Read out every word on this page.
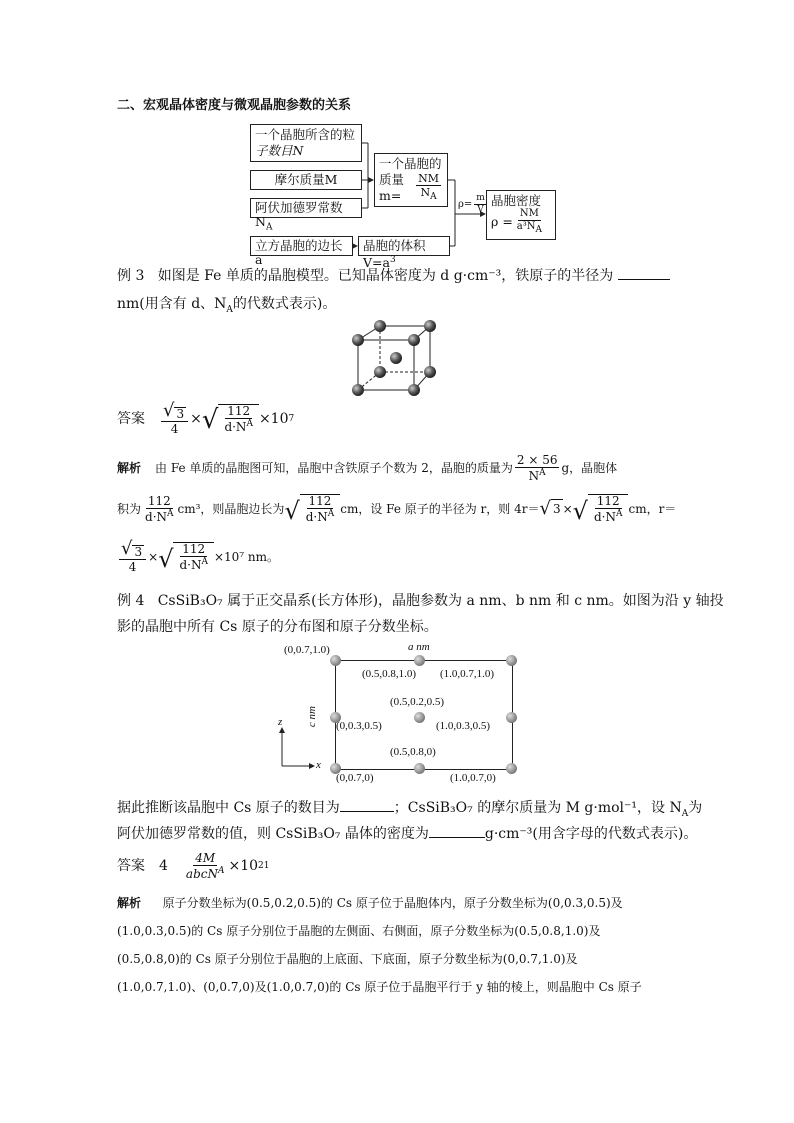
二、宏观晶体密度与微观晶胞参数的关系
一个晶胞所含的粒
子数目N
摩尔质量M
阿伏加德罗常数$N_A$
立方晶胞的边长a
一个晶胞的
质量m=	$\frac{NM}{N_A}$
晶胞的体积$V=a^3$
$\rho= \frac{m}{V}$ 晶胞密度
$\rho = \frac{NM}{a^3N_A}$
例 3 如图是 Fe 单质的晶胞模型。已知晶体密度为 d g·cm⁻³，铁原子的半径为
nm(用含有 d、$N_A$的代数式表示)。
答案 $\frac{√ 3}{4}$ × √ $\frac{112}{d\cdot N^A} \times 10$ 7
解析 由 Fe 单质的晶胞图可知，晶胞中含铁原子个数为 2，晶胞的质量为 $\frac{2 \times 56}{N^A}$ g，晶胞体
积为 $\frac{112}{d\cdot N^A} cm^3$，则晶胞边长为 √ $\frac{112}{d\cdot N^A}$ cm，设 Fe 原子的半径为 r，则 4r＝ √ 3 × √ $\frac{112}{d\cdot N^A}$ cm，r＝
$\frac{√ 3}{4}$ × √ $\frac{112}{d\cdot N^A} \times 10^7$ nm。
例 4 CsSiB₃O₇ 属于正交晶系(长方体形)，晶胞参数为 a nm、b nm 和 c nm。如图为沿 y 轴投
影的晶胞中所有 Cs 原子的分布图和原子分数坐标。
z
x
a nm
c nm
(0,0.7,1.0)
(0.5,0.8,1.0) (1.0,0.7,1.0)
(0.5,0.2,0.5)
(0,0.3,0.5)	(1.0,0.3,0.5)
(0.5,0.8,0)
(0,0.7,0)	(1.0,0.7,0)
据此推断该晶胞中 Cs 原子的数目为	；CsSiB₃O₇ 的摩尔质量为 M g·mol⁻¹，设 $N_A$为
阿伏加德罗常数的值，则 CsSiB₃O₇ 晶体的密度为	g·cm⁻³(用含字母的代数式表示)。
答案 $4 \frac{4M}{abcN^A} \times 10$ 21
解析 原子分数坐标为(0.5,0.2,0.5)的 Cs 原子位于晶胞体内，原子分数坐标为(0,0.3,0.5)及
(1.0,0.3,0.5)的 Cs 原子分别位于晶胞的左侧面、右侧面，原子分数坐标为(0.5,0.8,1.0)及
(0.5,0.8,0)的 Cs 原子分别位于晶胞的上底面、下底面，原子分数坐标为(0,0.7,1.0)及
(1.0,0.7,1.0)、(0,0.7,0)及(1.0,0.7,0)的 Cs 原子位于晶胞平行于 y 轴的棱上，则晶胞中 Cs 原子
